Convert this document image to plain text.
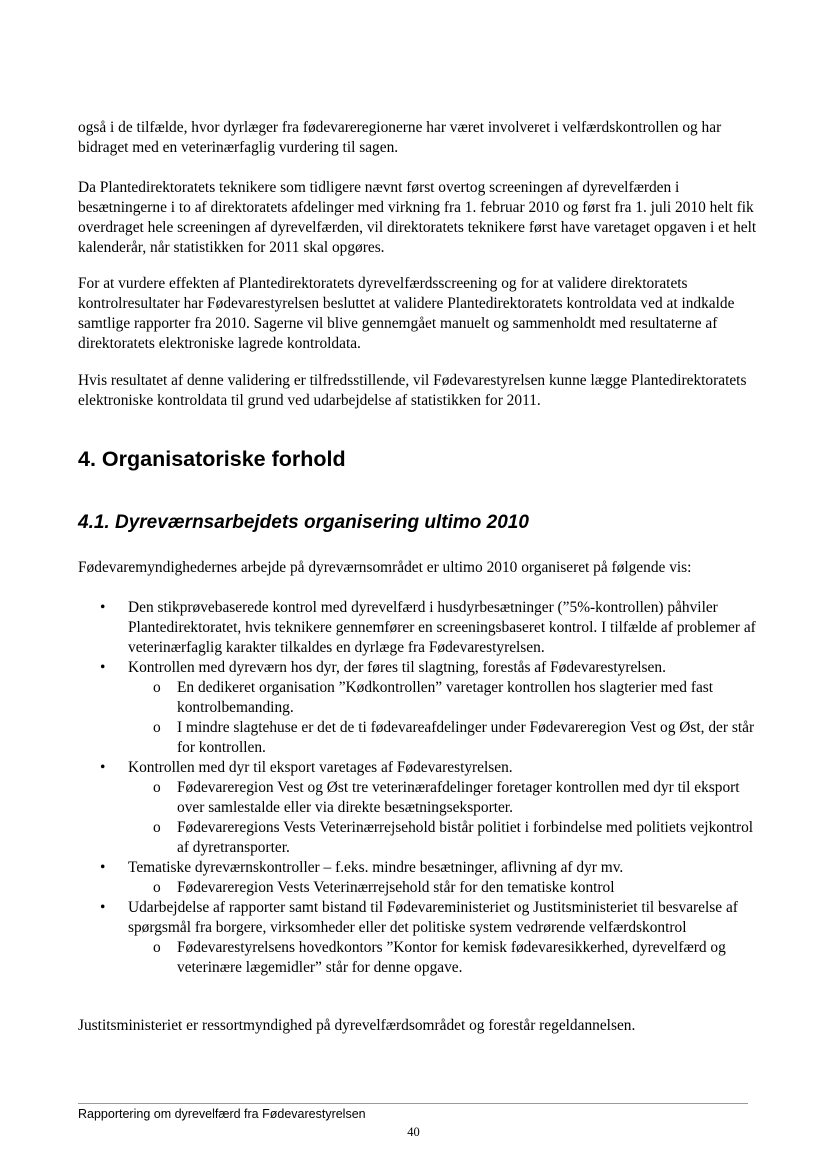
også i de tilfælde, hvor dyrlæger fra fødevareregionerne har været involveret i velfærdskontrollen og har bidraget med en veterinærfaglig vurdering til sagen.

Da Plantedirektoratets teknikere som tidligere nævnt først overtog screeningen af dyrevelfærden i besætningerne i to af direktoratets afdelinger med virkning fra 1. februar 2010 og først fra 1. juli 2010 helt fik overdraget hele screeningen af dyrevelfærden, vil direktoratets teknikere først have varetaget opgaven i et helt kalenderår, når statistikken for 2011 skal opgøres.

For at vurdere effekten af Plantedirektoratets dyrevelfærdsscreening og for at validere direktoratets kontrolresultater har Fødevarestyrelsen besluttet at validere Plantedirektoratets kontroldata ved at indkalde samtlige rapporter fra 2010. Sagerne vil blive gennemgået manuelt og sammenholdt med resultaterne af direktoratets elektroniske lagrede kontroldata.

Hvis resultatet af denne validering er tilfredsstillende, vil Fødevarestyrelsen kunne lægge Plantedirektoratets elektroniske kontroldata til grund ved udarbejdelse af statistikken for 2011.

4. Organisatoriske forhold
4.1. Dyreværnsarbejdets organisering ultimo 2010

Fødevaremyndighedernes arbejde på dyreværnsområdet er ultimo 2010 organiseret på følgende vis:

• Den stikprøvebaserede kontrol med dyrevelfærd i husdyrbesætninger (”5%-kontrollen) påhviler Plantedirektoratet, hvis teknikere gennemfører en screeningsbaseret kontrol. I tilfælde af problemer af veterinærfaglig karakter tilkaldes en dyrlæge fra Fødevarestyrelsen.
• Kontrollen med dyreværn hos dyr, der føres til slagtning, forestås af Fødevarestyrelsen.
o En dedikeret organisation ”Kødkontrollen” varetager kontrollen hos slagterier med fast kontrolbemanding.
o I mindre slagtehuse er det de ti fødevareafdelinger under Fødevareregion Vest og Øst, der står for kontrollen.
• Kontrollen med dyr til eksport varetages af Fødevarestyrelsen.
o Fødevareregion Vest og Øst tre veterinærafdelinger foretager kontrollen med dyr til eksport over samlestalde eller via direkte besætningseksporter.
o Fødevareregions Vests Veterinærrejsehold bistår politiet i forbindelse med politiets vejkontrol af dyretransporter.
• Tematiske dyreværnskontroller – f.eks. mindre besætninger, aflivning af dyr mv.
o Fødevareregion Vests Veterinærrejsehold står for den tematiske kontrol
• Udarbejdelse af rapporter samt bistand til Fødevareministeriet og Justitsministeriet til besvarelse af spørgsmål fra borgere, virksomheder eller det politiske system vedrørende velfærdskontrol
o Fødevarestyrelsens hovedkontors ”Kontor for kemisk fødevaresikkerhed, dyrevelfærd og veterinære lægemidler” står for denne opgave.

Justitsministeriet er ressortmyndighed på dyrevelfærdsområdet og forestår regeldannelsen.

Rapportering om dyrevelfærd fra Fødevarestyrelsen
40
